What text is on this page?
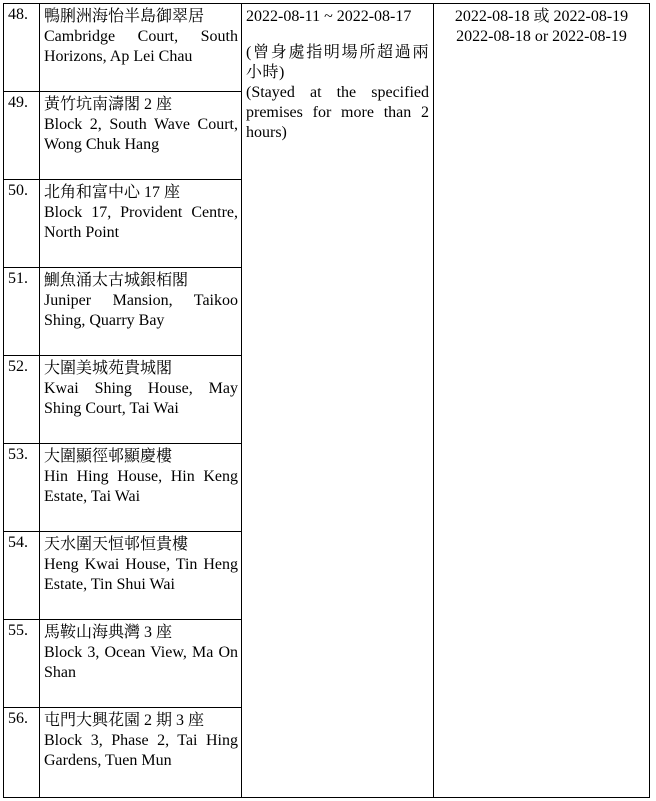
48.	鴨脷洲海怡半島御翠居
Cambridge Court, South Horizons, Ap Lei Chau	2022-08-11 ~ 2022-08-17
(曾身處指明場所超過兩小時)
(Stayed at the specified premises for more than 2 hours)	2022-08-18 或 2022-08-19
2022-08-18 or 2022-08-19

49.	黃竹坑南濤閣 2 座
Block 2, South Wave Court, Wong Chuk Hang		

50.	北角和富中心 17 座
Block 17, Provident Centre, North Point		

51.	鰂魚涌太古城銀栢閣
Juniper Mansion, Taikoo Shing, Quarry Bay		

52.	大圍美城苑貴城閣
Kwai Shing House, May Shing Court, Tai Wai		

53.	大圍顯徑邨顯慶樓
Hin Hing House, Hin Keng Estate, Tai Wai		

54.	天水圍天恒邨恒貴樓
Heng Kwai House, Tin Heng Estate, Tin Shui Wai		

55.	馬鞍山海典灣 3 座
Block 3, Ocean View, Ma On Shan		

56.	屯門大興花園 2 期 3 座
Block 3, Phase 2, Tai Hing Gardens, Tuen Mun		
